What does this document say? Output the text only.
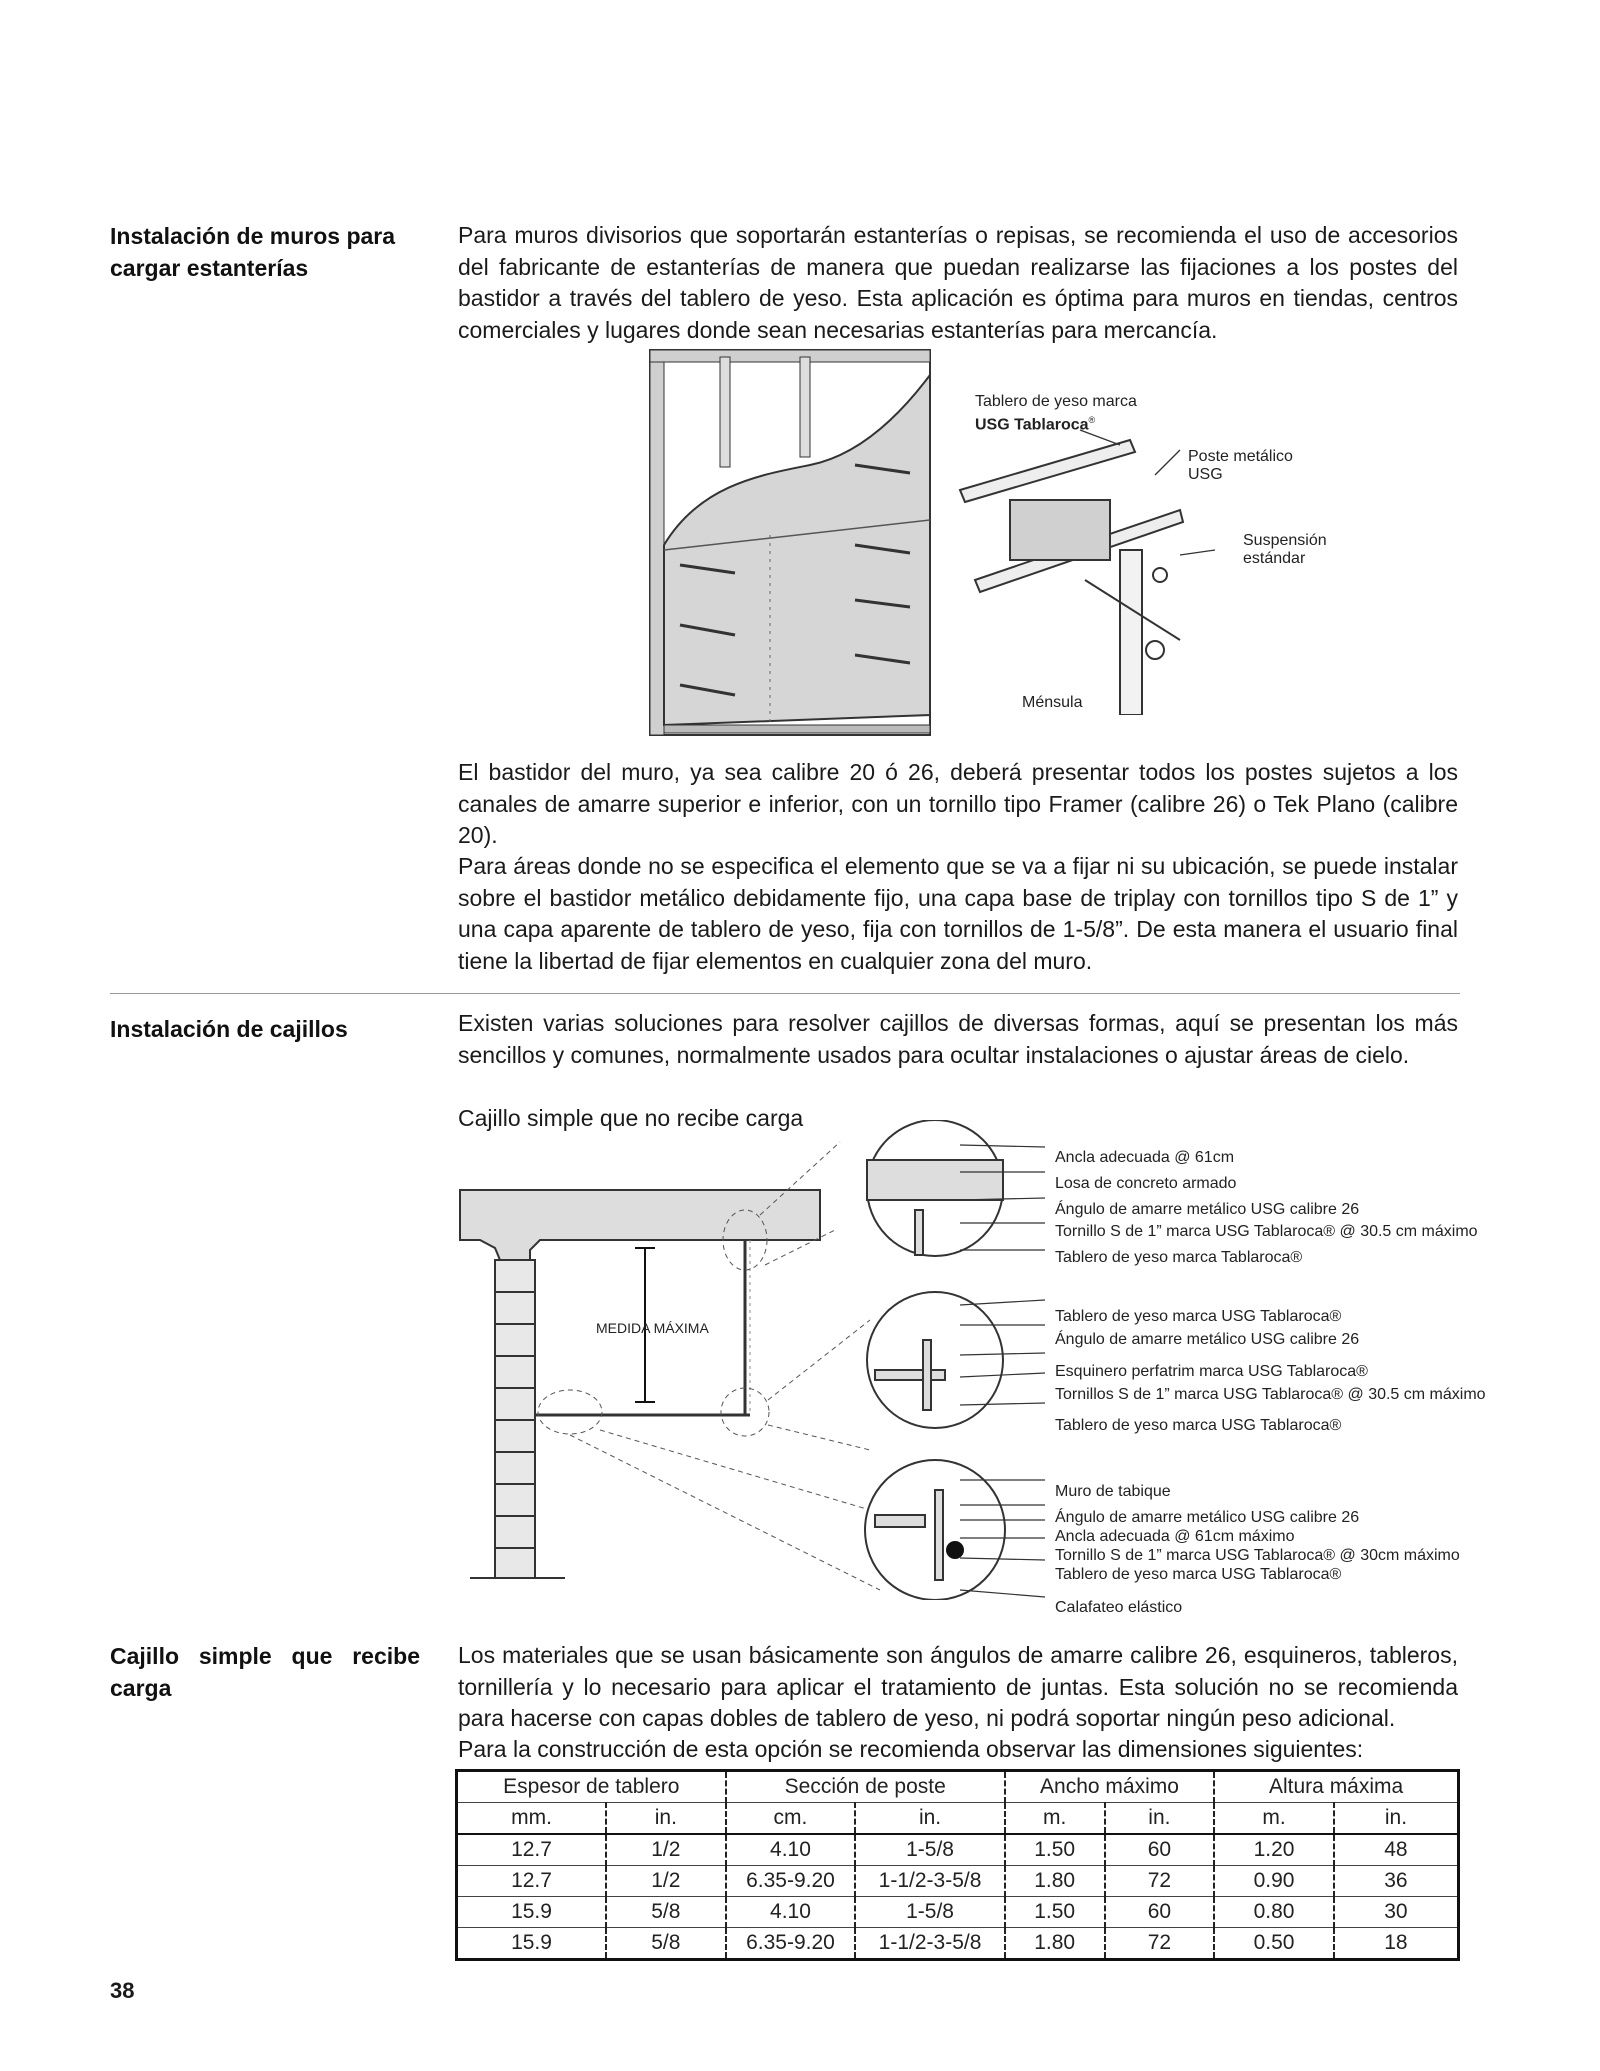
Instalación de muros para cargar estanterías
Para muros divisorios que soportarán estanterías o repisas, se recomienda el uso de accesorios del fabricante de estanterías de manera que puedan realizarse las fijaciones a los postes del bastidor a través del tablero de yeso. Esta aplicación es óptima para muros en tiendas, centros comerciales y lugares donde sean necesarias estanterías para mercancía.
Tablero de yeso marca
USG Tablaroca®
Poste metálico
USG
Suspensión
estándar
Ménsula
El bastidor del muro, ya sea calibre 20 ó 26, deberá presentar todos los postes sujetos a los canales de amarre superior e inferior, con un tornillo tipo Framer (calibre 26) o Tek Plano (calibre 20).
Para áreas donde no se especifica el elemento que se va a fijar ni su ubicación, se puede instalar sobre el bastidor metálico debidamente fijo, una capa base de triplay con tornillos tipo S de 1” y una capa aparente de tablero de yeso, fija con tornillos de 1-5/8”. De esta manera el usuario final tiene la libertad de fijar elementos en cualquier zona del muro.
Instalación de cajillos	Existen varias soluciones para resolver cajillos de diversas formas, aquí se presentan los más sencillos y comunes, normalmente usados para ocultar instalaciones o ajustar áreas de cielo.
Cajillo simple que no recibe carga
MEDIDA MÁXIMA
Ancla adecuada @ 61cm
Losa de concreto armado
Ángulo de amarre metálico USG calibre 26
Tornillo S de 1” marca USG Tablaroca® @ 30.5 cm máximo
Tablero de yeso marca Tablaroca®
Tablero de yeso marca USG Tablaroca®
Ángulo de amarre metálico USG calibre 26
Esquinero perfatrim marca USG Tablaroca®
Tornillos S de 1” marca USG Tablaroca® @ 30.5 cm máximo
Tablero de yeso marca USG Tablaroca®
Muro de tabique
Ángulo de amarre metálico USG calibre 26
Ancla adecuada @ 61cm máximo
Tornillo S de 1” marca USG Tablaroca® @ 30cm máximo
Tablero de yeso marca USG Tablaroca®
Calafateo elástico
Cajillo simple que recibe carga
Los materiales que se usan básicamente son ángulos de amarre calibre 26, esquineros, tableros, tornillería y lo necesario para aplicar el tratamiento de juntas. Esta solución no se recomienda para hacerse con capas dobles de tablero de yeso, ni podrá soportar ningún peso adicional.
Para la construcción de esta opción se recomienda observar las dimensiones siguientes:
Espesor de tablero		Sección de poste		Ancho máximo		Altura máxima	
mm.	in.	cm.	in.	m.	in.	m.	in.
12.7	1/2	4.10	1-5/8	1.50	60	1.20	48
12.7	1/2	6.35-9.20	1-1/2-3-5/8	1.80	72	0.90	36
15.9	5/8	4.10	1-5/8	1.50	60	0.80	30
15.9	5/8	6.35-9.20	1-1/2-3-5/8	1.80	72	0.50	18
38
